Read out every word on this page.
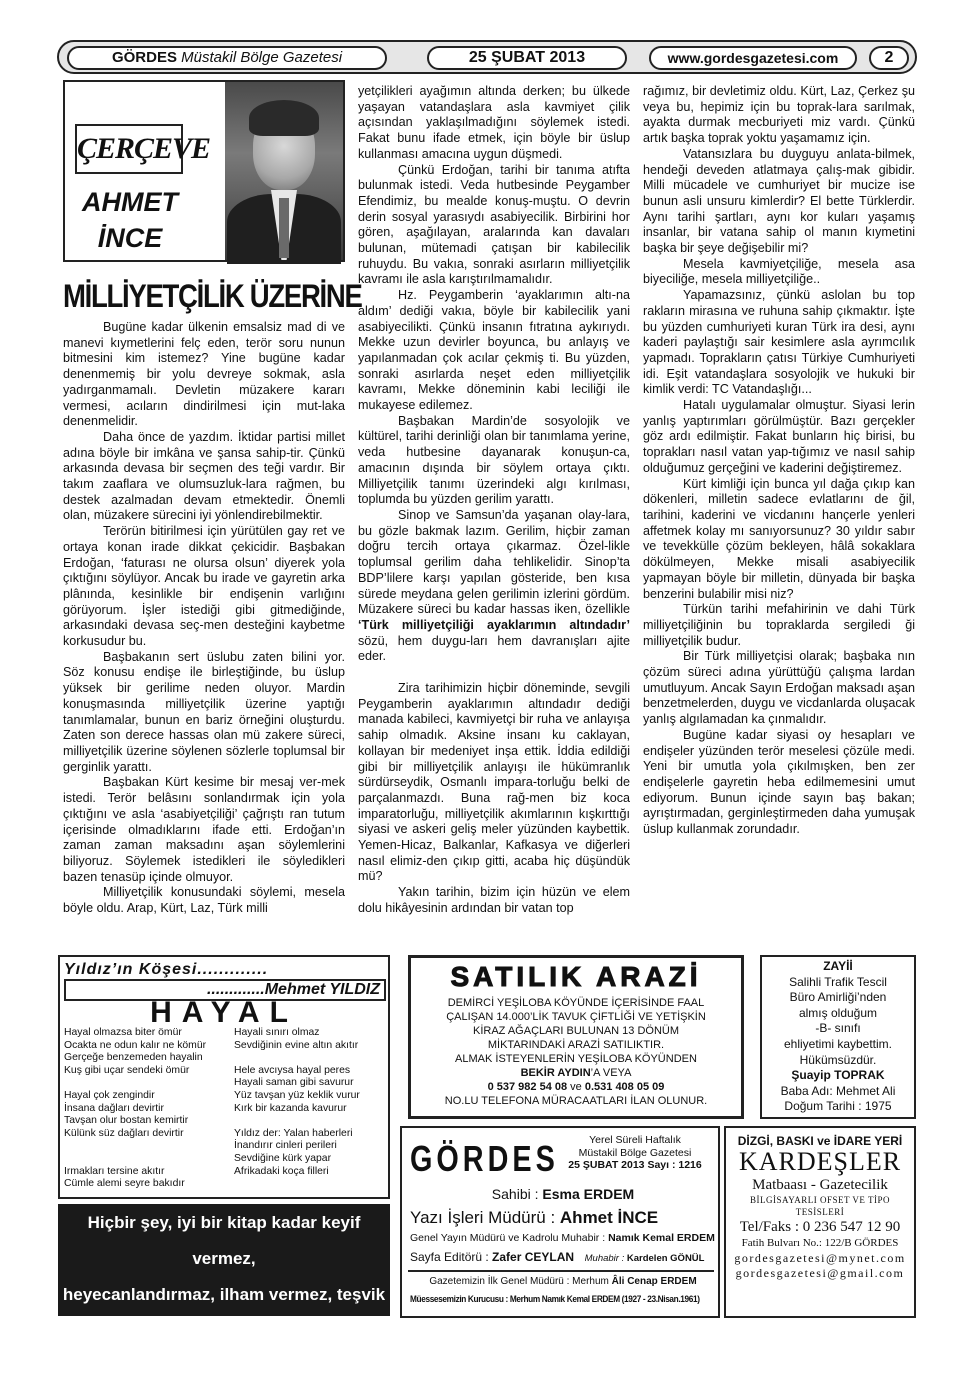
GÖRDES Müstakil Bölge Gazetesi	25 ŞUBAT 2013	www.gordesgazetesi.com	2
ÇERÇEVE
AHMET
İNCE
MİLLİYETÇİLİK ÜZERİNE

Bugüne kadar ülkenin emsalsiz mad di ve manevi kıymetlerini felç eden, terör soru nunun bitmesini kim istemez? Yine bugüne kadar denenmemiş bir yolu devreye sokmak, asla yadırganmamalı. Devletin müzakere kararı vermesi, acıların dindirilmesi için mut-laka denenmelidir.

Daha önce de yazdım. İktidar partisi millet adına böyle bir imkâna ve şansa sahip-tir. Çünkü arkasında devasa bir seçmen des teği vardır. Bir takım zaaflara ve olumsuzluk-lara rağmen, bu destek azalmadan devam etmektedir. Önemli olan, müzakere sürecini iyi yönlendirebilmektir.

Terörün bitirilmesi için yürütülen gay ret ve ortaya konan irade dikkat çekicidir. Başbakan Erdoğan, ‘faturası ne olursa olsun’ diyerek yola çıktığını söylüyor. Ancak bu irade ve gayretin arka plânında, kesinlikle bir endişenin varlığını görüyorum. İşler istediği gibi gitmediğinde, arkasındaki devasa seç-men desteğini kaybetme korkusudur bu.

Başbakanın sert üslubu zaten bilini yor. Söz konusu endişe ile birleştiğinde, bu üslup yüksek bir gerilime neden oluyor. Mardin konuşmasında milliyetçilik üzerine yaptığı tanımlamalar, bunun en bariz örneğini oluşturdu. Zaten son derece hassas olan mü zakere süreci, milliyetçilik üzerine söylenen sözlerle toplumsal bir gerginlik yarattı.

Başbakan Kürt kesime bir mesaj ver-mek istedi. Terör belâsını sonlandırmak için yola çıktığını ve asla ‘asabiyetçiliği’ çağrıştı ran tutum içerisinde olmadıklarını ifade etti. Erdoğan’ın zaman zaman maksadını aşan söylemlerini biliyoruz. Söylemek istedikleri ile söyledikleri bazen tenasüp içinde olmuyor.

Milliyetçilik konusundaki söylemi, mesela böyle oldu. Arap, Kürt, Laz, Türk milli

yetçilikleri ayağımın altında derken; bu ülkede yaşayan vatandaşlara asla kavmiyet çilik açısından yaklaşılmadığını söylemek istedi. Fakat bunu ifade etmek, için böyle bir üslup kullanması amacına uygun düşmedi.

Çünkü Erdoğan, tarihi bir tanıma atıfta bulunmak istedi. Veda hutbesinde Peygamber Efendimiz, bu mealde konuş-muştu. O devrin derin sosyal yarasıydı asabiyecilik. Birbirini hor gören, aşağılayan, aralarında kan davaları bulunan, mütemadi çatışan bir kabilecilik ruhuydu. Bu vakıa, sonraki asırların milliyetçilik kavramı ile asla karıştırılmamalıdır.

Hz. Peygamberin ‘ayaklarımın altı-na aldım’ dediği vakıa, böyle bir kabilecilik yani asabiyecilikti. Çünkü insanın fıtratına aykırıydı. Mekke uzun devirler boyunca, bu anlayış ve yapılanmadan çok acılar çekmiş ti. Bu yüzden, sonraki asırlarda neşet eden milliyetçilik kavramı, Mekke döneminin kabi leciliği ile mukayese edilemez.

Başbakan Mardin’de sosyolojik ve kültürel, tarihi derinliği olan bir tanımlama yerine, veda hutbesine dayanarak konuşun-ca, amacının dışında bir söylem ortaya çıktı. Milliyetçilik tanımı üzerindeki algı kırılması, toplumda bu yüzden gerilim yarattı.

Sinop ve Samsun’da yaşanan olay-lara, bu gözle bakmak lazım. Gerilim, hiçbir zaman doğru tercih ortaya çıkarmaz. Özel-likle toplumsal gerilim daha tehlikelidir. Sinop’ta BDP’lilere karşı yapılan gösteride, ben kısa sürede meydana gelen gerilimin izlerini gördüm. Müzakere süreci bu kadar hassas iken, özellikle ‘Türk milliyetçiliği ayaklarımın altındadır’ sözü, hem duygu-ları hem davranışları ajite eder.

Zira tarihimizin hiçbir döneminde, sevgili Peygamberin ayaklarımın altındadır dediği manada kabileci, kavmiyetçi bir ruha ve anlayışa sahip olmadık. Aksine insanı ku caklayan, kollayan bir medeniyet inşa ettik. İddia edildiği gibi bir milliyetçilik anlayışı ile hükümranlık sürdürseydik, Osmanlı impara-torluğu belki de parçalanmazdı. Buna rağ-men biz koca imparatorluğu, milliyetçilik akımlarının kışkırttığı siyasi ve askeri geliş meler yüzünden kaybettik. Yemen-Hicaz, Balkanlar, Kafkasya ve diğerleri nasıl elimiz-den çıkıp gitti, acaba hiç düşündük mü?

Yakın tarihin, bizim için hüzün ve elem dolu hikâyesinin ardından bir vatan top

rağımız, bir devletimiz oldu. Kürt, Laz, Çerkez şu veya bu, hepimiz için bu toprak-lara sarılmak, ayakta durmak mecburiyeti miz vardı. Çünkü artık başka toprak yoktu yaşamamız için.

Vatansızlara bu duyguyu anlata-bilmek, hendeği deveden atlatmaya çalış-mak gibidir. Milli mücadele ve cumhuriyet bir mucize ise bunun asli unsuru kimlerdir? El bette Türklerdir. Aynı tarihi şartları, aynı kor kuları yaşamış insanlar, bir vatana sahip ol manın kıymetini başka bir şeye değişebilir mi?

Mesela kavmiyetçiliğe, mesela asa biyeciliğe, mesela milliyetçiliğe..

Yapamazsınız, çünkü aslolan bu top rakların mirasına ve ruhuna sahip çıkmaktır. İşte bu yüzden cumhuriyeti kuran Türk ira desi, aynı kaderi paylaştığı sair kesimlere asla ayrımcılık yapmadı. Toprakların çatısı Türkiye Cumhuriyeti idi. Eşit vatandaşlara sosyolojik ve hukuki bir kimlik verdi: TC Vatandaşlığı...

Hatalı uygulamalar olmuştur. Siyasi lerin yanlış yaptırımları görülmüştür. Bazı gerçekler göz ardı edilmiştir. Fakat bunların hiç birisi, bu toprakları nasıl vatan yap-tığımız ve nasıl sahip olduğumuz gerçeğini ve kaderini değiştiremez.

Kürt kimliği için bunca yıl dağa çıkıp kan dökenleri, milletin sadece evlatlarını de ğil, tarihini, kaderini ve vicdanını hançerle yenleri affetmek kolay mı sanıyorsunuz? 30 yıldır sabır ve tevekkülle çözüm bekleyen, hâlâ sokaklara dökülmeyen, Mekke misali asabiyecilik yapmayan böyle bir milletin, dünyada bir başka benzerini bulabilir misi niz?

Türkün tarihi mefahirinin ve dahi Türk milliyetçiliğinin bu topraklarda sergiledi ği milliyetçilik budur.

Bir Türk milliyetçisi olarak; başbaka nın çözüm süreci adına yürüttüğü çalışma lardan umutluyum. Ancak Sayın Erdoğan maksadı aşan benzetmelerden, duygu ve vicdanlarda oluşacak yanlış algılamadan ka çınmalıdır.

Bugüne kadar siyasi oy hesapları ve endişeler yüzünden terör meselesi çözüle medi. Yeni bir umutla yola çıkılmışken, ben zer endişelerle gayretin heba edilmemesini umut ediyorum. Bunun içinde sayın baş bakan; ayrıştırmadan, gerginleştirmeden daha yumuşak üslup kullanmak zorundadır.

Yıldız’ın Köşesi.............
.............Mehmet YILDIZ
HAYAL
Hayal olmazsa biter ömür
Ocakta ne odun kalır ne kömür
Gerçeğe benzemeden hayalin
Kuş gibi uçar sendeki ömür

Hayal çok zengindir
İnsana dağları devirtir
Tavşan olur bostan kemirtir
Külünk süz dağları devirtir

Irmakları tersine akıtır
Cümle alemi seyre bakıdır
Hayali sınırı olmaz
Sevdiğinin evine altın akıtır

Hele avcıysa hayal peres
Hayali saman gibi savurur
Yüz tavşan yüz keklik vurur
Kırk bir kazanda kavurur

Yıldız der: Yalan haberleri
İnandırır cinleri perileri
Sevdiğine kürk yapar
Afrikadaki koça filleri
Hiçbir şey, iyi bir kitap kadar keyif vermez,
heyecanlandırmaz, ilham vermez, teşvik etmez,
eğitmez, büyülemez veya eğlendirmez.
SATILIK ARAZİ
DEMİRCİ YEŞİLOBA KÖYÜNDE İÇERİSİNDE FAAL
ÇALIŞAN 14.000’LİK TAVUK ÇİFTLİĞİ VE YETİŞKİN
KİRAZ AĞAÇLARI BULUNAN 13 DÖNÜM
MİKTARINDAKİ ARAZİ SATILIKTIR.
ALMAK İSTEYENLERİN YEŞİLOBA KÖYÜNDEN
BEKİR AYDIN’A VEYA
0 537 982 54 08 ve 0.531 408 05 09
NO.LU TELEFONA MÜRACAATLARI İLAN OLUNUR.
ZAYİİ
Salihli Trafik Tescil
Büro Amirliği’nden
almış olduğum
-B- sınıfı
ehliyetimi kaybettim.
Hükümsüzdür.
Şuayip TOPRAK
Baba Adı: Mehmet Ali
Doğum Tarihi : 1975
GÖRDES	Yerel Süreli Haftalık
Müstakil Bölge Gazetesi
25 ŞUBAT 2013 Sayı : 1216
Sahibi : Esma ERDEM
Yazı İşleri Müdürü : Ahmet İNCE
Genel Yayın Müdürü ve Kadrolu Muhabir : Namık Kemal ERDEM
Sayfa Editörü : Zafer CEYLAN Muhabir : Kardelen GÖNÜL
Gazetemizin İlk Genel Müdürü : Merhum Âli Cenap ERDEM
Müessesemizin Kurucusu : Merhum Namık Kemal ERDEM (1927 - 23.Nisan.1961)
DİZGİ, BASKI ve İDARE YERİ
KARDEŞLER
Matbaası - Gazetecilik
BİLGİSAYARLI OFSET VE TİPO TESİSLERİ
Tel/Faks : 0 236 547 12 90
Fatih Bulvarı No.: 122/B GÖRDES
gordesgazetesi@mynet.com
gordesgazetesi@gmail.com
